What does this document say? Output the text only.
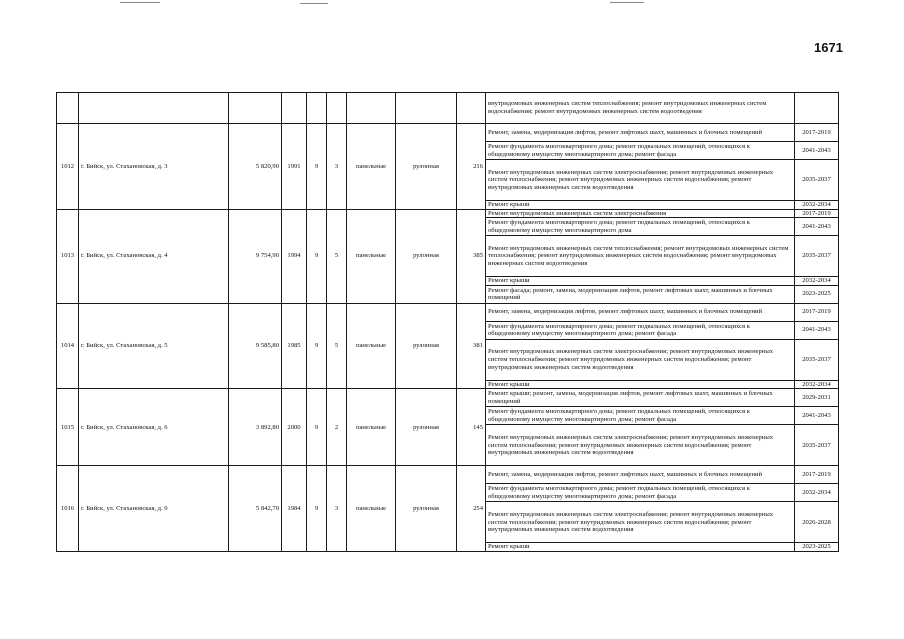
1671
									внутридомовых инженерных систем теплоснабжения; ремонт внутридомовых инженерных систем водоснабжения; ремонт внутридомовых инженерных систем водоотведения	
1012	г. Бийск, ул. Стахановская, д. 3	5 820,90	1991	9	3	панельные	рулонная	216	Ремонт, замена, модернизация лифтов, ремонт лифтовых шахт, машинных и блочных помещений	2017-2019
									Ремонт фундамента многоквартирного дома; ремонт подвальных помещений, относящихся к общедомовому имуществу многоквартирного дома; ремонт фасада	2041-2043
									Ремонт внутридомовых инженерных систем электроснабжения; ремонт внутридомовых инженерных систем теплоснабжения; ремонт внутридомовых инженерных систем водоснабжения; ремонт внутридомовых инженерных систем водоотведения	2035-2037
									Ремонт крыши	2032-2034
1013	г. Бийск, ул. Стахановская, д. 4	9 754,90	1994	9	5	панельные	рулонная	385	Ремонт внутридомовых инженерных систем электроснабжения	2017-2019
									Ремонт фундамента многоквартирного дома; ремонт подвальных помещений, относящихся к общедомовому имуществу многоквартирного дома	2041-2043
									Ремонт внутридомовых инженерных систем теплоснабжения; ремонт внутридомовых инженерных систем теплоснабжения; ремонт внутридомовых инженерных систем водоснабжения; ремонт внутридомовых инженерных систем водоотведения	2035-2037
									Ремонт крыши	2032-2034
									Ремонт фасада; ремонт, замена, модернизация лифтов, ремонт лифтовых шахт, машинных и блочных помещений	2023-2025
1014	г. Бийск, ул. Стахановская, д. 5	9 585,80	1985	9	5	панельные	рулонная	381	Ремонт, замена, модернизация лифтов, ремонт лифтовых шахт, машинных и блочных помещений	2017-2019
									Ремонт фундамента многоквартирного дома; ремонт подвальных помещений, относящихся к общедомовому имуществу многоквартирного дома; ремонт фасада	2041-2043
									Ремонт внутридомовых инженерных систем электроснабжения; ремонт внутридомовых инженерных систем теплоснабжения; ремонт внутридомовых инженерных систем водоснабжения; ремонт внутридомовых инженерных систем водоотведения	2035-2037
									Ремонт крыши	2032-2034
1015	г. Бийск, ул. Стахановская, д. 6	3 892,80	2000	9	2	панельные	рулонная	145	Ремонт крыши; ремонт, замена, модернизация лифтов, ремонт лифтовых шахт, машинных и блочных помещений	2029-2031
									Ремонт фундамента многоквартирного дома; ремонт подвальных помещений, относящихся к общедомовому имуществу многоквартирного дома; ремонт фасада	2041-2043
									Ремонт внутридомовых инженерных систем электроснабжения; ремонт внутридомовых инженерных систем теплоснабжения; ремонт внутридомовых инженерных систем водоснабжения; ремонт внутридомовых инженерных систем водоотведения	2035-2037
1016	г. Бийск, ул. Стахановская, д. 9	5 842,70	1984	9	3	панельные	рулонная	254	Ремонт, замена, модернизация лифтов, ремонт лифтовых шахт, машинных и блочных помещений	2017-2019
									Ремонт фундамента многоквартирного дома; ремонт подвальных помещений, относящихся к общедомовому имуществу многоквартирного дома; ремонт фасада	2032-2034
									Ремонт внутридомовых инженерных систем электроснабжения; ремонт внутридомовых инженерных систем теплоснабжения; ремонт внутридомовых инженерных систем водоснабжения; ремонт внутридомовых инженерных систем водоотведения	2026-2028
									Ремонт крыши	2023-2025
